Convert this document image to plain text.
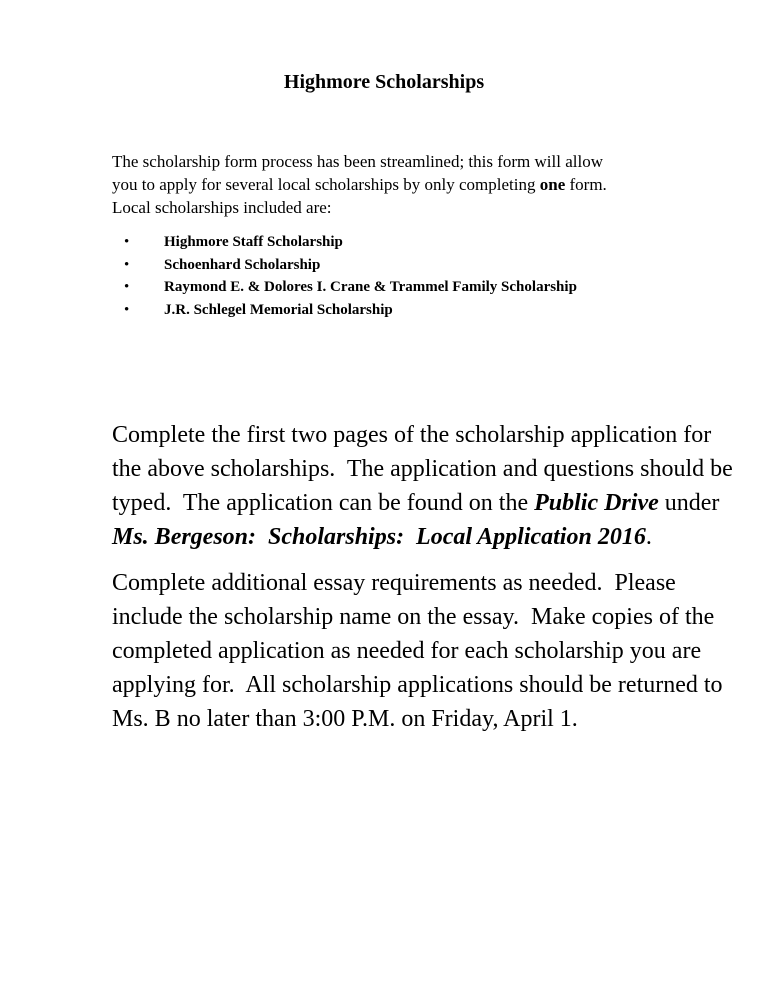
Highmore Scholarships
The scholarship form process has been streamlined; this form will allow
you to apply for several local scholarships by only completing one form.
Local scholarships included are:
• Highmore Staff Scholarship
• Schoenhard Scholarship
• Raymond E. & Dolores I. Crane & Trammel Family Scholarship
• J.R. Schlegel Memorial Scholarship
Complete the first two pages of the scholarship application for
the above scholarships.  The application and questions should be
typed.  The application can be found on the Public Drive under
Ms. Bergeson:  Scholarships:  Local Application 2016.
Complete additional essay requirements as needed.  Please
include the scholarship name on the essay.  Make copies of the
completed application as needed for each scholarship you are
applying for.  All scholarship applications should be returned to
Ms. B no later than 3:00 P.M. on Friday, April 1.
